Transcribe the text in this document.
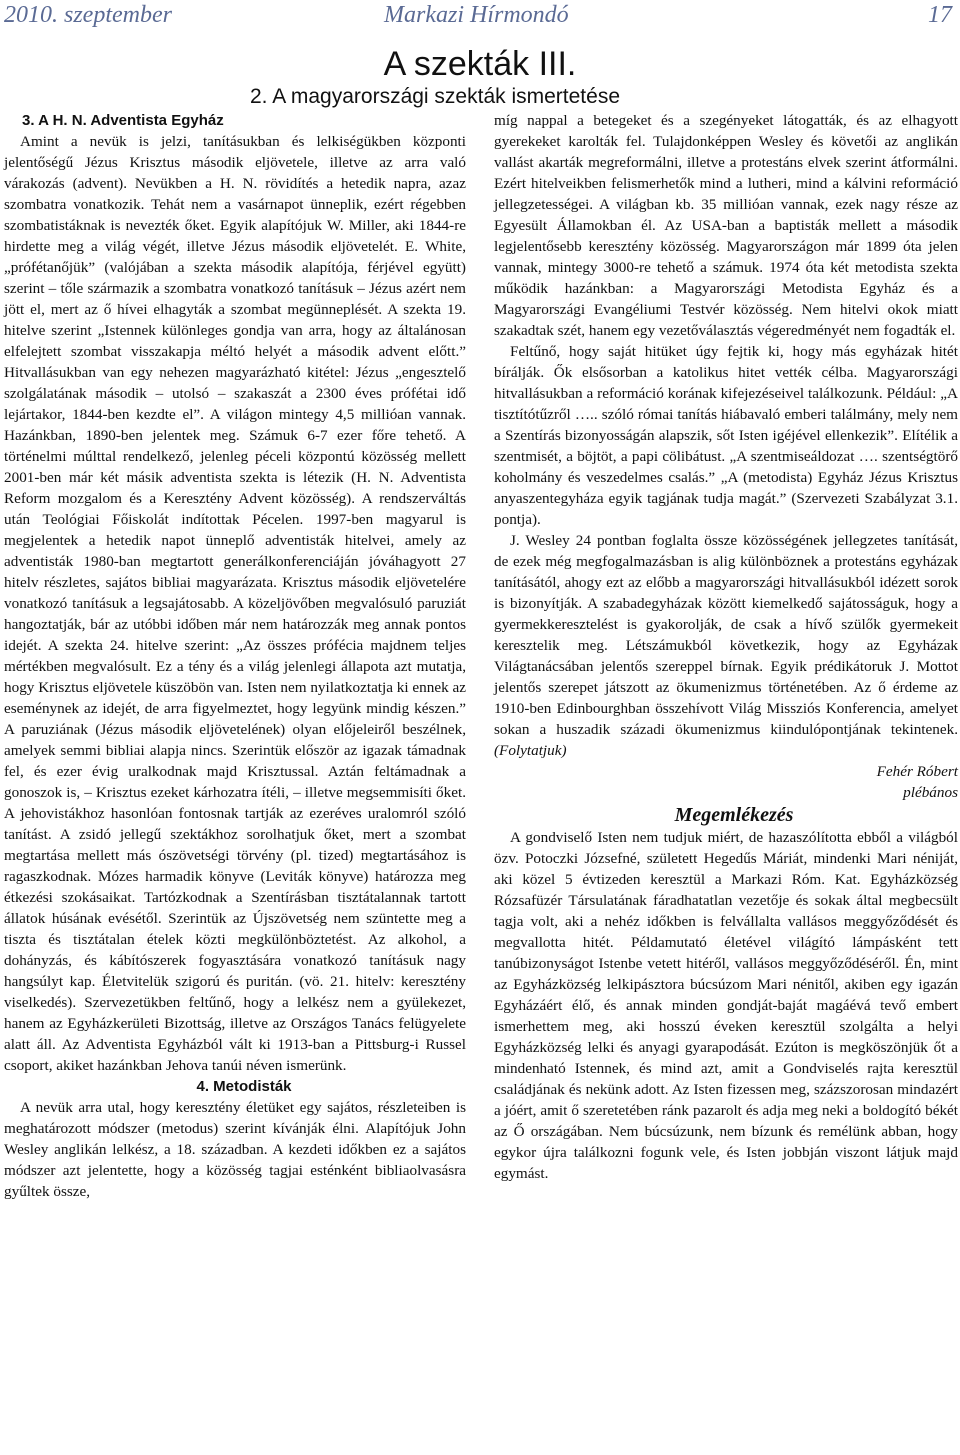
2010. szeptember	Markazi Hírmondó	17
A szekták III.
2. A magyarországi szekták ismertetése

3. A H. N. Adventista Egyház

Amint a nevük is jelzi, tanításukban és lelkiségükben központi jelentőségű Jézus Krisztus második eljövetele, illetve az arra való várakozás (advent). Nevükben a H. N. rövidítés a hetedik napra, azaz szombatra vonatkozik. Tehát nem a vasárnapot ünneplik, ezért régebben szombatistáknak is nevezték őket. Egyik alapítójuk W. Miller, aki 1844-re hirdette meg a világ végét, illetve Jézus második eljövetelét. E. White, „prófétanőjük” (valójában a szekta második alapítója, férjével együtt) szerint – tőle származik a szombatra vonatkozó tanításuk – Jézus azért nem jött el, mert az ő hívei elhagyták a szombat megünneplését. A szekta 19. hitelve szerint „Istennek különleges gondja van arra, hogy az általánosan elfelejtett szombat visszakapja méltó helyét a második advent előtt.” Hitvallásukban van egy nehezen magyarázható kitétel: Jézus „engesztelő szolgálatának második – utolsó – szakaszát a 2300 éves prófétai idő lejártakor, 1844-ben kezdte el”. A világon mintegy 4,5 millióan vannak. Hazánkban, 1890-ben jelentek meg. Számuk 6-7 ezer főre tehető. A történelmi múlttal rendelkező, jelenleg péceli központú közösség mellett 2001-ben már két másik adventista szekta is létezik (H. N. Adventista Reform mozgalom és a Keresztény Advent közösség). A rendszerváltás után Teológiai Főiskolát indítottak Pécelen. 1997-ben magyarul is megjelentek a hetedik napot ünneplő adventisták hitelvei, amely az adventisták 1980-ban megtartott generálkonferenciáján jóváhagyott 27 hitelv részletes, sajátos bibliai magyarázata. Krisztus második eljövetelére vonatkozó tanításuk a legsajátosabb. A közeljövőben megvalósuló paruziát hangoztatják, bár az utóbbi időben már nem határozzák meg annak pontos idejét. A szekta 24. hitelve szerint: „Az összes prófécia majdnem teljes mértékben megvalósult. Ez a tény és a világ jelenlegi állapota azt mutatja, hogy Krisztus eljövetele küszöbön van. Isten nem nyilatkoztatja ki ennek az eseménynek az idejét, de arra figyelmeztet, hogy legyünk mindig készen.” A paruziának (Jézus második eljövetelének) olyan előjeleiről beszélnek, amelyek semmi bibliai alapja nincs. Szerintük először az igazak támadnak fel, és ezer évig uralkodnak majd Krisztussal. Aztán feltámadnak a gonoszok is, – Krisztus ezeket kárhozatra ítéli, – illetve megsemmisíti őket. A jehovistákhoz hasonlóan fontosnak tartják az ezeréves uralomról szóló tanítást. A zsidó jellegű szektákhoz sorolhatjuk őket, mert a szombat megtartása mellett más ószövetségi törvény (pl. tized) megtartásához is ragaszkodnak. Mózes harmadik könyve (Leviták könyve) határozza meg étkezési szokásaikat. Tartózkodnak a Szentírásban tisztátalannak tartott állatok húsának evésétől. Szerintük az Újszövetség nem szüntette meg a tiszta és tisztátalan ételek közti megkülönböztetést. Az alkohol, a dohányzás, és kábítószerek fogyasztására vonatkozó tanításuk nagy hangsúlyt kap. Életvitelük szigorú és puritán. (vö. 21. hitelv: keresztény viselkedés). Szervezetükben feltűnő, hogy a lelkész nem a gyülekezet, hanem az Egyházkerületi Bizottság, illetve az Országos Tanács felügyelete alatt áll. Az Adventista Egyházból vált ki 1913-ban a Pittsburg-i Russel csoport, akiket hazánkban Jehova tanúi néven ismerünk.

4. Metodisták

A nevük arra utal, hogy keresztény életüket egy sajátos, részleteiben is meghatározott módszer (metodus) szerint kívánják élni. Alapítójuk John Wesley anglikán lelkész, a 18. században. A kezdeti időkben ez a sajátos módszer azt jelentette, hogy a közösség tagjai esténként bibliaolvasásra gyűltek össze,

míg nappal a betegeket és a szegényeket látogatták, és az elhagyott gyerekeket karolták fel. Tulajdonképpen Wesley és követői az anglikán vallást akarták megreformálni, illetve a protestáns elvek szerint átformálni. Ezért hitelveikben felismerhetők mind a lutheri, mind a kálvini reformáció jellegzetességei. A világban kb. 35 millióan vannak, ezek nagy része az Egyesült Államokban él. Az USA-ban a baptisták mellett a második legjelentősebb keresztény közösség. Magyarországon már 1899 óta jelen vannak, mintegy 3000-re tehető a számuk. 1974 óta két metodista szekta működik hazánkban: a Magyarországi Metodista Egyház és a Magyarországi Evangéliumi Testvér közösség. Nem hitelvi okok miatt szakadtak szét, hanem egy vezetőválasztás végeredményét nem fogadták el.

Feltűnő, hogy saját hitüket úgy fejtik ki, hogy más egyházak hitét bírálják. Ők elsősorban a katolikus hitet vették célba. Magyarországi hitvallásukban a reformáció korának kifejezéseivel találkozunk. Például: „A tisztítótűzről ….. szóló római tanítás hiábavaló emberi találmány, mely nem a Szentírás bizonyosságán alapszik, sőt Isten igéjével ellenkezik”. Elítélik a szentmisét, a böjtöt, a papi cölibátust. „A szentmiseáldozat …. szentségtörő koholmány és veszedelmes csalás.” „A (metodista) Egyház Jézus Krisztus anyaszentegyháza egyik tagjának tudja magát.” (Szervezeti Szabályzat 3.1. pontja).

J. Wesley 24 pontban foglalta össze közösségének jellegzetes tanítását, de ezek még megfogalmazásban is alig különböznek a protestáns egyházak tanításától, ahogy ezt az előbb a magyarországi hitvallásukból idézett sorok is bizonyítják. A szabadegyházak között kiemelkedő sajátosságuk, hogy a gyermekkeresztelést is gyakorolják, de csak a hívő szülők gyermekeit keresztelik meg. Létszámukból következik, hogy az Egyházak Világtanácsában jelentős szereppel bírnak. Egyik prédikátoruk J. Mottot jelentős szerepet játszott az ökumenizmus történetében. Az ő érdeme az 1910-ben Edinbourghban összehívott Világ Missziós Konferencia, amelyet sokan a huszadik századi ökumenizmus kiindulópontjának tekintenek. (Folytatjuk)

Fehér Róbert

plébános

Megemlékezés

A gondviselő Isten nem tudjuk miért, de hazaszólította ebből a világból özv. Potoczki Józsefné, született Hegedűs Máriát, mindenki Mari néniját, aki közel 5 évtizeden keresztül a Markazi Róm. Kat. Egyházközség Rózsafüzér Társulatának fáradhatatlan vezetője és sokak által megbecsült tagja volt, aki a nehéz időkben is felvállalta vallásos meggyőződését és megvallotta hitét. Példamutató életével világító lámpásként tett tanúbizonyságot Istenbe vetett hitéről, vallásos meggyőződéséről. Én, mint az Egyházközség lelkipásztora búcsúzom Mari nénitől, akiben egy igazán Egyházáért élő, és annak minden gondját-baját magáévá tevő embert ismerhettem meg, aki hosszú éveken keresztül szolgálta a helyi Egyházközség lelki és anyagi gyarapodását. Ezúton is megköszönjük őt a mindenható Istennek, és mind azt, amit a Gondviselés rajta keresztül családjának és nekünk adott. Az Isten fizessen meg, százszorosan mindazért a jóért, amit ő szeretetében ránk pazarolt és adja meg neki a boldogító békét az Ő országában. Nem búcsúzunk, nem bízunk és remélünk abban, hogy egykor újra találkozni fogunk vele, és Isten jobbján viszont látjuk majd egymást.
